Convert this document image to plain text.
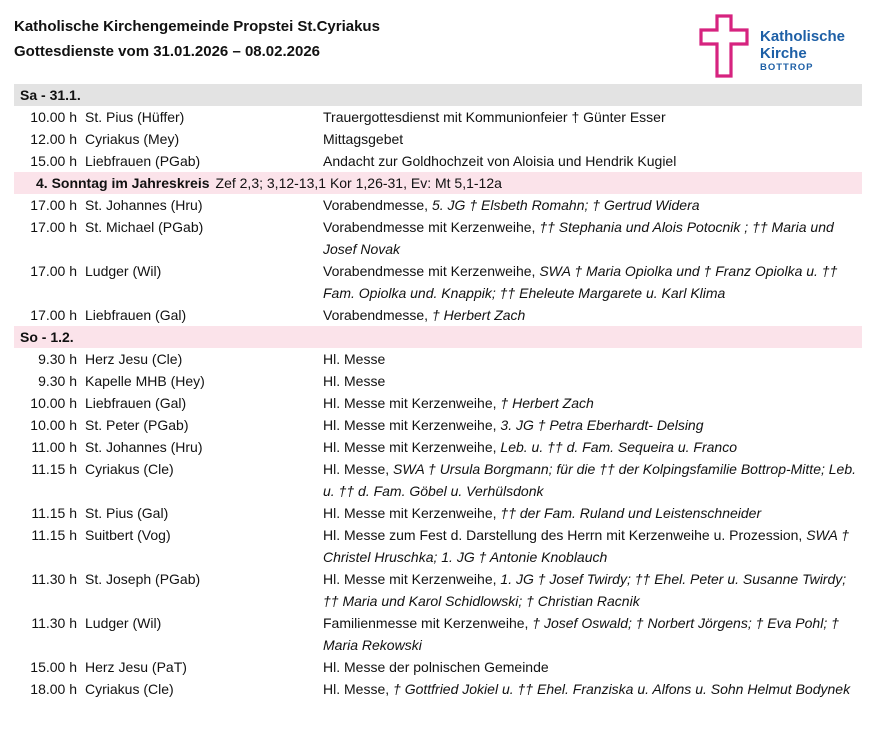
Katholische Kirchengemeinde Propstei St.Cyriakus
Gottesdienste vom 31.01.2026 – 08.02.2026
Katholische
Kirche
BOTTROP
Sa - 31.1.		
10.00 h	St. Pius (Hüffer)	Trauergottesdienst mit Kommunionfeier † Günter Esser
12.00 h	Cyriakus (Mey)	Mittagsgebet
15.00 h	Liebfrauen (PGab)	Andacht zur Goldhochzeit von Aloisia und Hendrik Kugiel
4. Sonntag im Jahreskreis Zef 2,3; 3,12-13,1 Kor 1,26-31, Ev: Mt 5,1-12a		
17.00 h	St. Johannes (Hru)	Vorabendmesse, 5. JG † Elsbeth Romahn; † Gertrud Widera
17.00 h	St. Michael (PGab)	Vorabendmesse mit Kerzenweihe, †† Stephania und Alois Potocnik ; †† Maria und Josef Novak
17.00 h	Ludger (Wil)	Vorabendmesse mit Kerzenweihe, SWA † Maria Opiolka und † Franz Opiolka u. †† Fam. Opiolka und. Knappik; †† Eheleute Margarete u. Karl Klima
17.00 h	Liebfrauen (Gal)	Vorabendmesse, † Herbert Zach
So - 1.2.		
9.30 h	Herz Jesu (Cle)	Hl. Messe
9.30 h	Kapelle MHB (Hey)	Hl. Messe
10.00 h	Liebfrauen (Gal)	Hl. Messe mit Kerzenweihe, † Herbert Zach
10.00 h	St. Peter (PGab)	Hl. Messe mit Kerzenweihe, 3. JG † Petra Eberhardt- Delsing
11.00 h	St. Johannes (Hru)	Hl. Messe mit Kerzenweihe, Leb. u. †† d. Fam. Sequeira u. Franco
11.15 h	Cyriakus (Cle)	Hl. Messe, SWA † Ursula Borgmann; für die †† der Kolpingsfamilie Bottrop-Mitte; Leb. u. †† d. Fam. Göbel u. Verhülsdonk
11.15 h	St. Pius (Gal)	Hl. Messe mit Kerzenweihe, †† der Fam. Ruland und Leistenschneider
11.15 h	Suitbert (Vog)	Hl. Messe zum Fest d. Darstellung des Herrn mit Kerzenweihe u. Prozession, SWA † Christel Hruschka; 1. JG † Antonie Knoblauch
11.30 h	St. Joseph (PGab)	Hl. Messe mit Kerzenweihe, 1. JG † Josef Twirdy; †† Ehel. Peter u. Susanne Twirdy; †† Maria und Karol Schidlowski; † Christian Racnik
11.30 h	Ludger (Wil)	Familienmesse mit Kerzenweihe, † Josef Oswald; † Norbert Jörgens; † Eva Pohl; † Maria Rekowski
15.00 h	Herz Jesu (PaT)	Hl. Messe der polnischen Gemeinde
18.00 h	Cyriakus (Cle)	Hl. Messe, † Gottfried Jokiel u. †† Ehel. Franziska u. Alfons u. Sohn Helmut Bodynek
